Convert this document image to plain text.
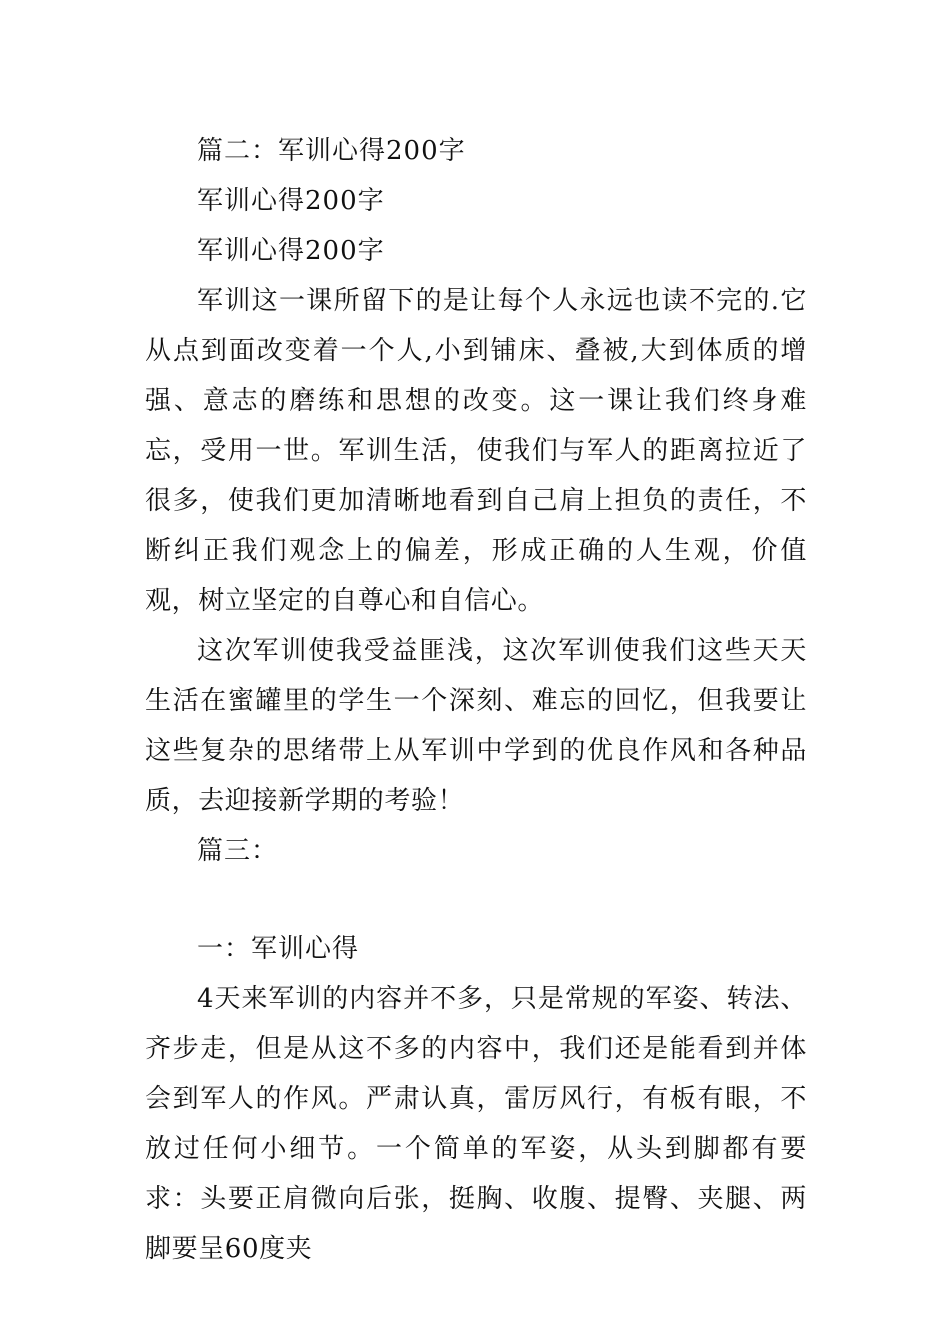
篇二：军训心得200字
军训心得200字
军训心得200字

军训这一课所留下的是让每个人永远也读不完的.它从点到面改变着一个人,小到铺床、叠被,大到体质的增强、意志的磨练和思想的改变。这一课让我们终身难忘，受用一世。军训生活，使我们与军人的距离拉近了很多，使我们更加清晰地看到自己肩上担负的责任，不断纠正我们观念上的偏差，形成正确的人生观，价值观，树立坚定的自尊心和自信心。

这次军训使我受益匪浅，这次军训使我们这些天天生活在蜜罐里的学生一个深刻、难忘的回忆，但我要让这些复杂的思绪带上从军训中学到的优良作风和各种品质，去迎接新学期的考验！

篇三：
一：军训心得

4天来军训的内容并不多，只是常规的军姿、转法、齐步走，但是从这不多的内容中，我们还是能看到并体会到军人的作风。严肃认真，雷厉风行，有板有眼，不放过任何小细节。一个简单的军姿，从头到脚都有要求：头要正肩微向后张，挺胸、收腹、提臀、夹腿、两脚要呈60度夹
